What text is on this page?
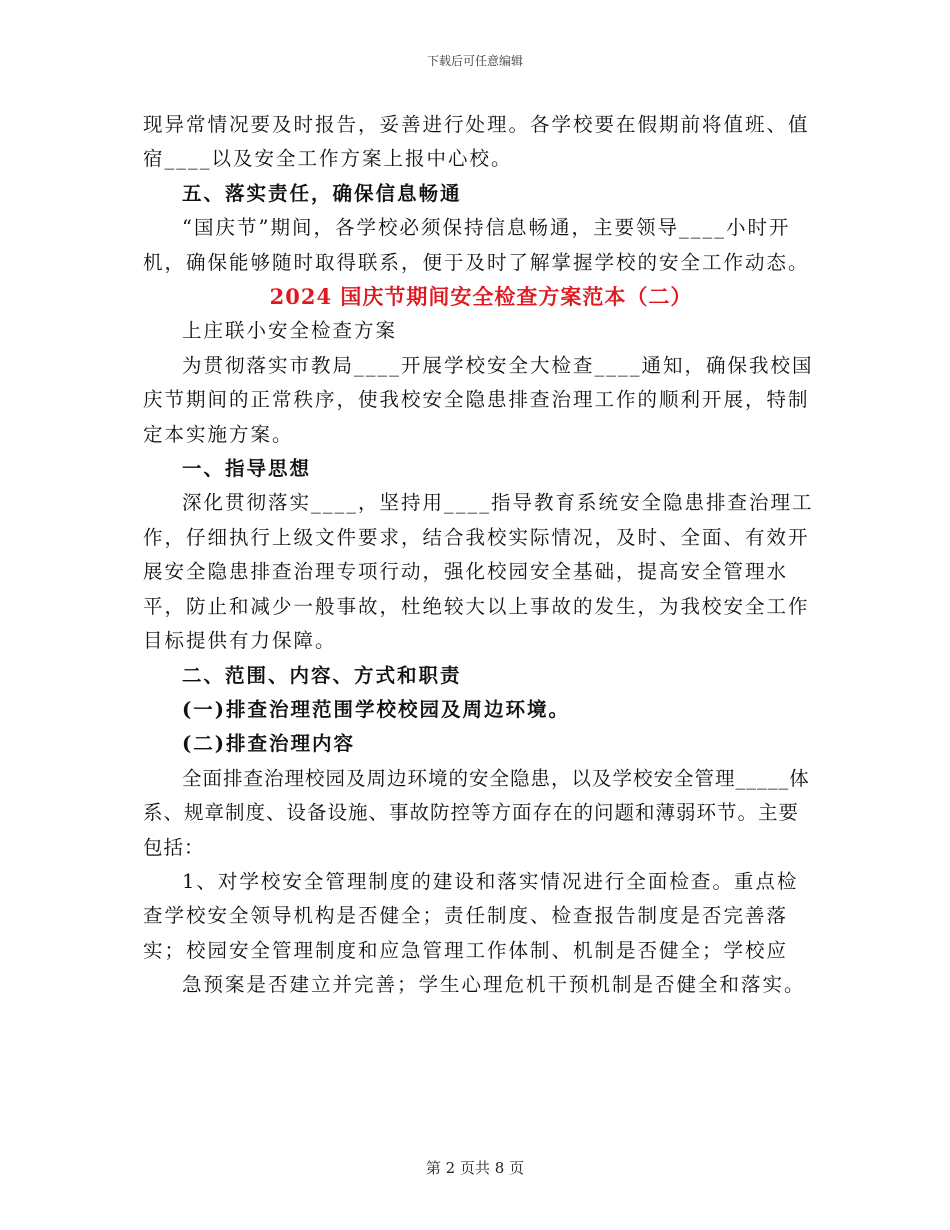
下载后可任意编辑

现异常情况要及时报告，妥善进行处理。各学校要在假期前将值班、值宿____以及安全工作方案上报中心校。

五、落实责任，确保信息畅通

“国庆节”期间，各学校必须保持信息畅通，主要领导____小时开机，确保能够随时取得联系，便于及时了解掌握学校的安全工作动态。

2024 国庆节期间安全检查方案范本（二）

上庄联小安全检查方案

为贯彻落实市教局____开展学校安全大检查____通知，确保我校国庆节期间的正常秩序，使我校安全隐患排查治理工作的顺利开展，特制定本实施方案。

一、指导思想

深化贯彻落实____，坚持用____指导教育系统安全隐患排查治理工作，仔细执行上级文件要求，结合我校实际情况，及时、全面、有效开展安全隐患排查治理专项行动，强化校园安全基础，提高安全管理水平，防止和减少一般事故，杜绝较大以上事故的发生，为我校安全工作目标提供有力保障。

二、范围、内容、方式和职责

(一)排查治理范围学校校园及周边环境。

(二)排查治理内容

全面排查治理校园及周边环境的安全隐患，以及学校安全管理_____体系、规章制度、设备设施、事故防控等方面存在的问题和薄弱环节。主要包括：

1、对学校安全管理制度的建设和落实情况进行全面检查。重点检查学校安全领导机构是否健全；责任制度、检查报告制度是否完善落实；校园安全管理制度和应急管理工作体制、机制是否健全；学校应

急预案是否建立并完善；学生心理危机干预机制是否健全和落实。

第 2 页共 8 页
